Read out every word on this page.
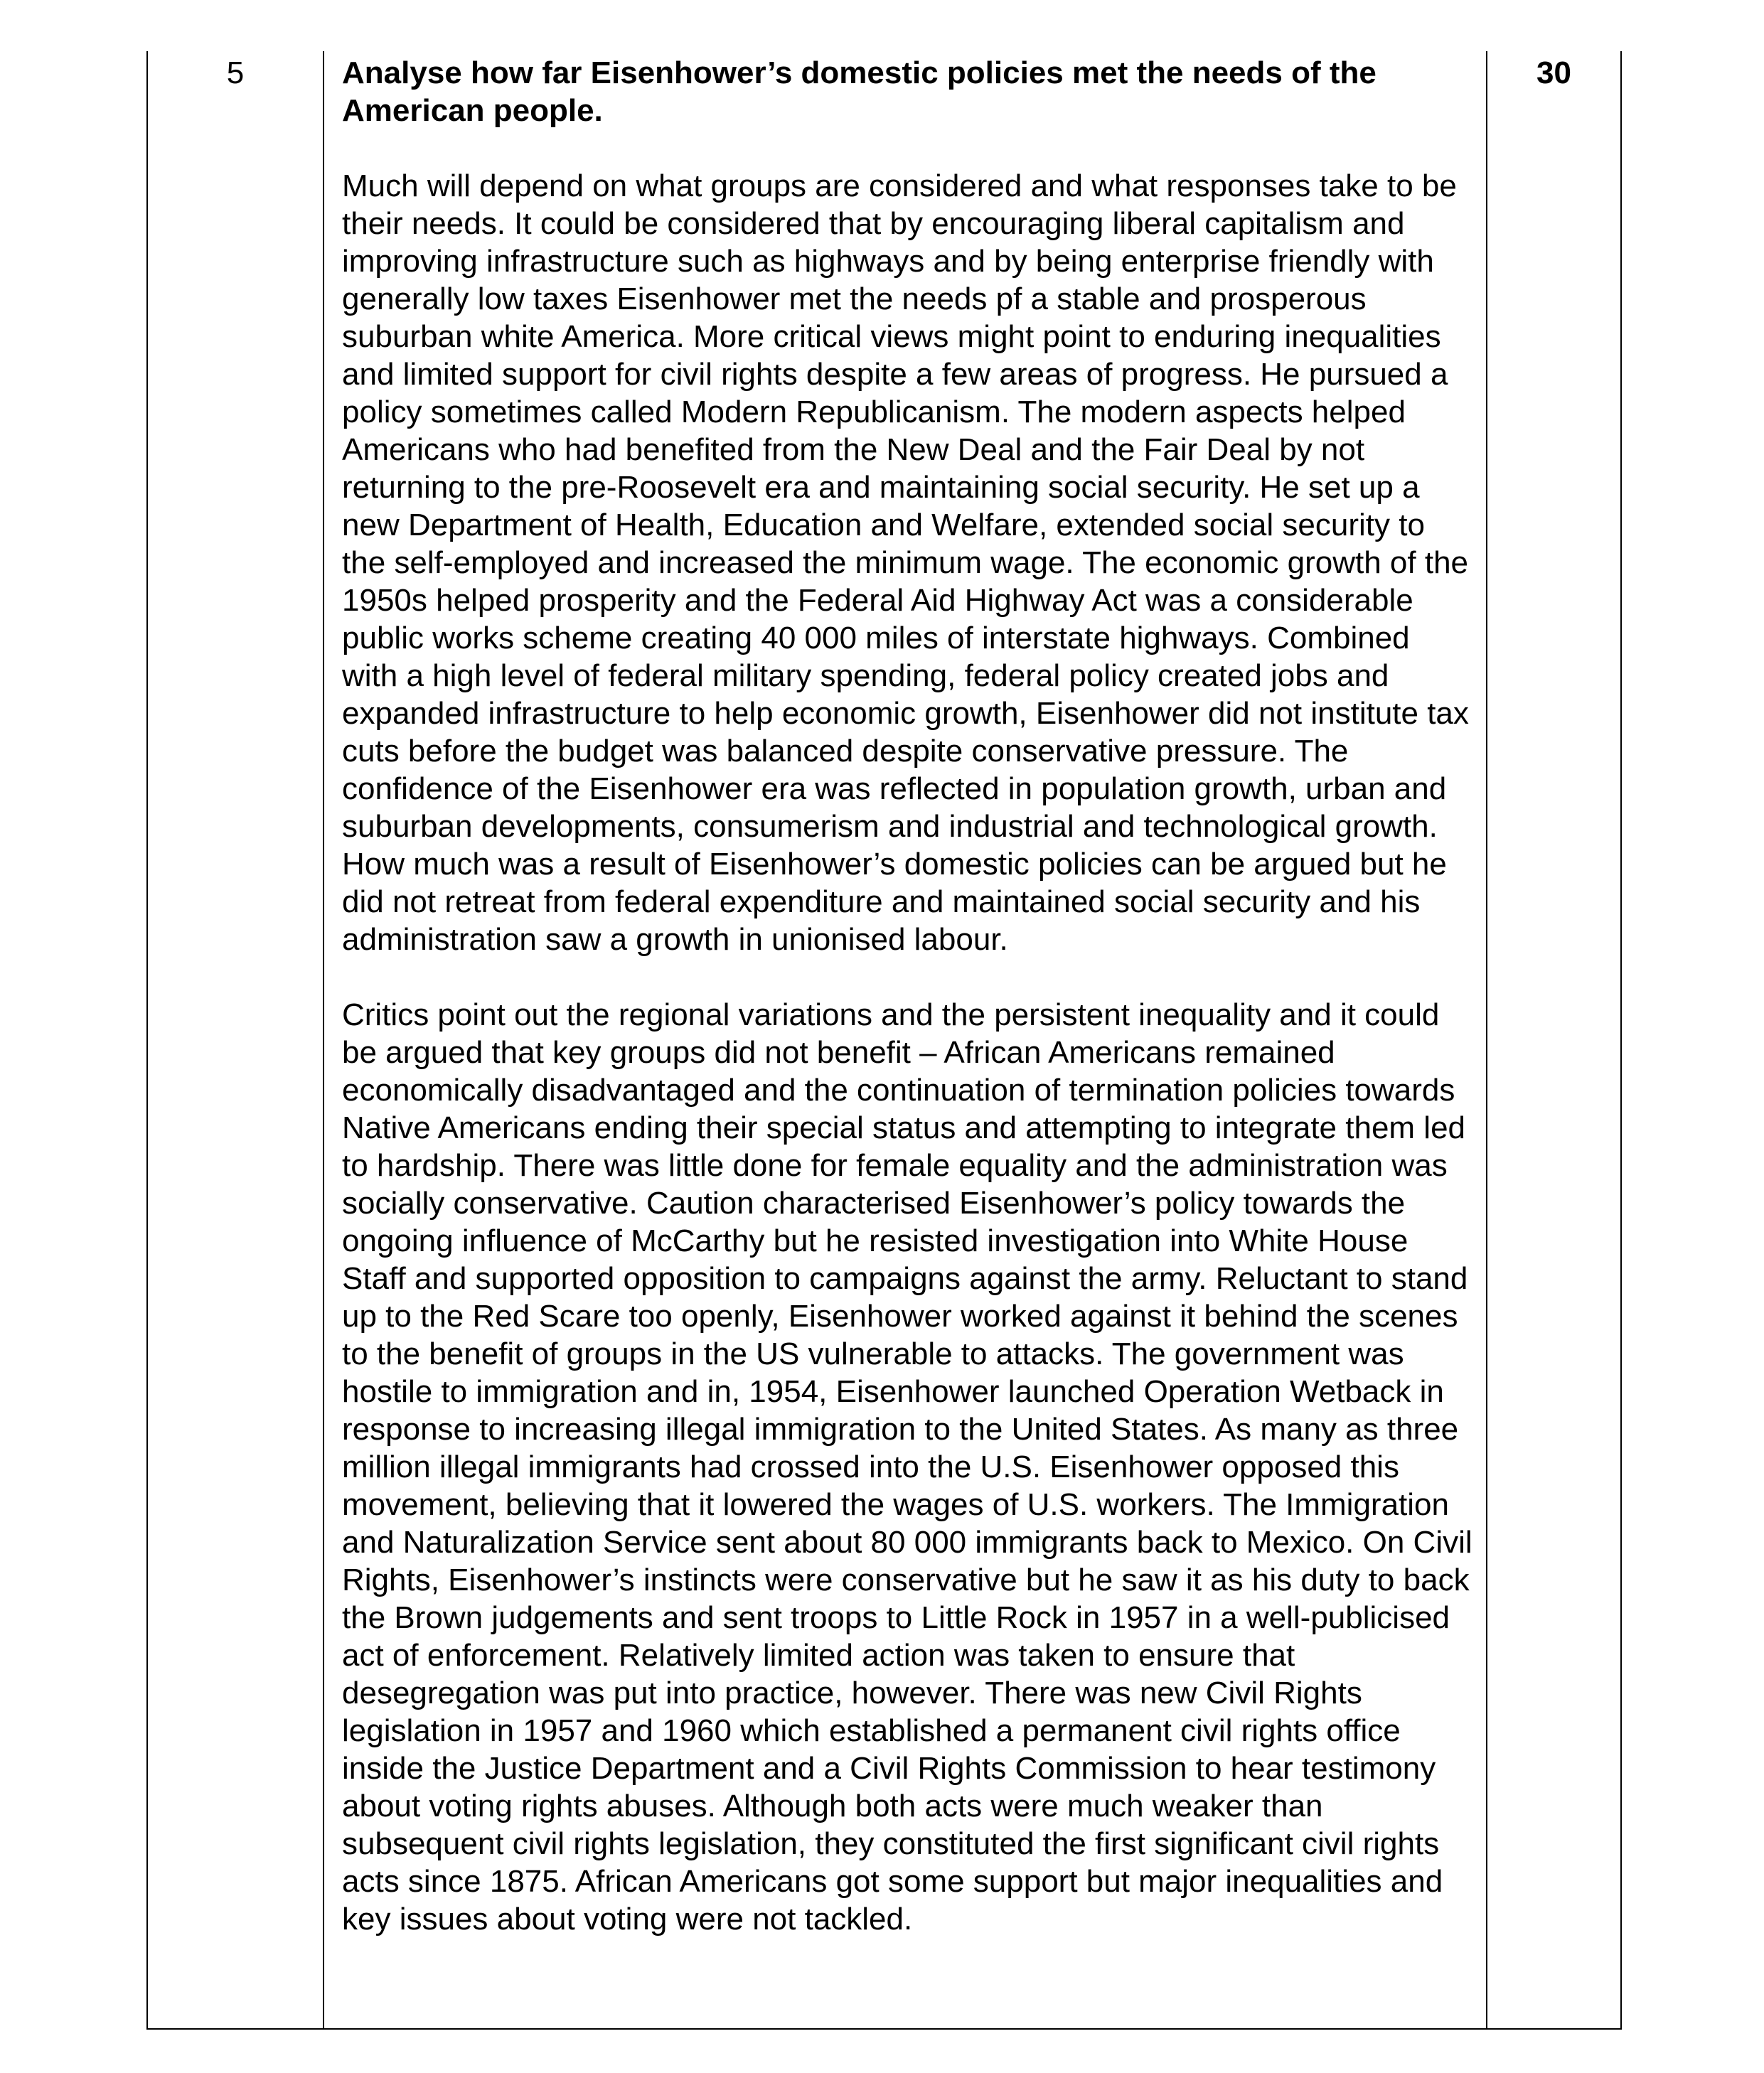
5	Analyse how far Eisenhower’s domestic policies met the needs of the American people.

Much will depend on what groups are considered and what responses take to be their needs. It could be considered that by encouraging liberal capitalism and improving infrastructure such as highways and by being enterprise friendly with generally low taxes Eisenhower met the needs pf a stable and prosperous suburban white America. More critical views might point to enduring inequalities and limited support for civil rights despite a few areas of progress. He pursued a policy sometimes called Modern Republicanism. The modern aspects helped Americans who had benefited from the New Deal and the Fair Deal by not returning to the pre-Roosevelt era and maintaining social security. He set up a new Department of Health, Education and Welfare, extended social security to the self-employed and increased the minimum wage. The economic growth of the 1950s helped prosperity and the Federal Aid Highway Act was a considerable public works scheme creating 40 000 miles of interstate highways. Combined with a high level of federal military spending, federal policy created jobs and expanded infrastructure to help economic growth, Eisenhower did not institute tax cuts before the budget was balanced despite conservative pressure. The confidence of the Eisenhower era was reflected in population growth, urban and suburban developments, consumerism and industrial and technological growth. How much was a result of Eisenhower’s domestic policies can be argued but he did not retreat from federal expenditure and maintained social security and his administration saw a growth in unionised labour.

Critics point out the regional variations and the persistent inequality and it could be argued that key groups did not benefit – African Americans remained economically disadvantaged and the continuation of termination policies towards Native Americans ending their special status and attempting to integrate them led to hardship. There was little done for female equality and the administration was socially conservative. Caution characterised Eisenhower’s policy towards the ongoing influence of McCarthy but he resisted investigation into White House Staff and supported opposition to campaigns against the army. Reluctant to stand up to the Red Scare too openly, Eisenhower worked against it behind the scenes to the benefit of groups in the US vulnerable to attacks. The government was hostile to immigration and in, 1954, Eisenhower launched Operation Wetback in response to increasing illegal immigration to the United States. As many as three million illegal immigrants had crossed into the U.S. Eisenhower opposed this movement, believing that it lowered the wages of U.S. workers. The Immigration and Naturalization Service sent about 80 000 immigrants back to Mexico. On Civil Rights, Eisenhower’s instincts were conservative but he saw it as his duty to back the Brown judgements and sent troops to Little Rock in 1957 in a well-publicised act of enforcement. Relatively limited action was taken to ensure that desegregation was put into practice, however. There was new Civil Rights legislation in 1957 and 1960 which established a permanent civil rights office inside the Justice Department and a Civil Rights Commission to hear testimony about voting rights abuses. Although both acts were much weaker than subsequent civil rights legislation, they constituted the first significant civil rights acts since 1875. African Americans got some support but major inequalities and key issues about voting were not tackled.

30
